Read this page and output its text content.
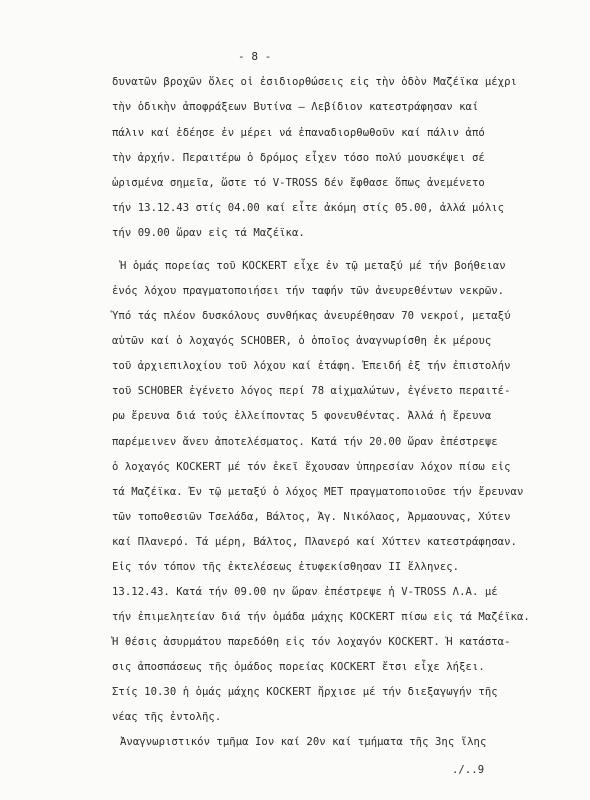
- 8 -
δυνατῶν βροχῶν ὅλες οἱ ἐσιδιορθώσεις εἰς τὴν ὁδὸν Μαζέϊκα μέχρι
τὴν ὁδικὴν ἀποφράξεων Βυτίνα – Λεβίδιον κατεστράφησαν καί
πάλιν καί ἐδέησε ἐν μέρει νά ἐπαναδιορθωθοῦν καί πάλιν ἀπό
τὴν ἀρχήν. Περαιτέρω ὁ δρόμος εἶχεν τόσο πολύ μουσκέψει σέ
ὡρισμένα σημεῖα, ὥστε τό V-TROSS δέν ἔφθασε ὅπως ἀνεμένετο
τήν 13.12.43 στίς 04.00 καί εἶτε ἀκόμη στίς 05.00, ἀλλά μόλις
τήν 09.00 ὥραν εἰς τά Μαζέϊκα.
Ἡ ὁμάς πορείας τοῦ KOCKERT εἶχε ἐν τῷ μεταξύ μέ τήν βοήθειαν
ἑνός λόχου πραγματοποιήσει τήν ταφήν τῶν ἀνευρεθέντων νεκρῶν.
Ὑπό τάς πλέον δυσκόλους συνθήκας ἀνευρέθησαν 70 νεκροί, μεταξύ
αὐτῶν καί ὁ λοχαγός SCHOBER, ὁ ὁποῖος ἀναγνωρίσθη ἐκ μέρους
τοῦ ἀρχιεπιλοχίου τοῦ λόχου καί ἐτάφη. Ἐπειδή ἐξ τήν ἐπιστολήν
τοῦ SCHOBER ἐγένετο λόγος περί 78 αἰχμαλώτων, ἐγένετο περαιτέ-
ρω ἔρευνα διά τούς ἐλλείποντας 5 φονευθέντας. Ἀλλά ἡ ἔρευνα
παρέμεινεν ἄνευ ἀποτελέσματος. Κατά τήν 20.00 ὥραν ἐπέστρεψε
ὁ λοχαγός KOCKERT μέ τόν ἐκεῖ ἔχουσαν ὑπηρεσίαν λόχον πίσω εἰς
τά Μαζέϊκα. Ἐν τῷ μεταξύ ὁ λόχος MET πραγματοποιοῦσε τήν ἔρευναν
τῶν τοποθεσιῶν Τσελάδα, Βάλτος, Ἁγ. Νικόλαος, Ἀρμαουνας, Χύτεν
καί Πλανερό. Τά μέρη, Βάλτος, Πλανερό καί Χύττεν κατεστράφησαν.
Εἰς τόν τόπον τῆς ἐκτελέσεως ἐτυφεκίσθησαν II ἕλληνες.
13.12.43. Κατά τήν 09.00 ην ὥραν ἐπέστρεψε ἡ V-TROSS Λ.Α. μέ
τήν ἐπιμελητείαν διά τήν ὁμάδα μάχης KOCKERT πίσω εἰς τά Μαζέϊκα.
Ἡ θέσις ἀσυρμάτου παρεδόθη εἰς τόν λοχαγόν KOCKERT. Ἡ κατάστα-
σις ἀποσπάσεως τῆς ὁμάδος πορείας KOCKERT ἔτσι εἶχε λήξει.
Στίς 10.30 ἡ ὁμάς μάχης KOCKERT ἤρχισε μέ τήν διεξαγωγήν τῆς
νέας τῆς ἐντολῆς.
Ἀναγνωριστικόν τμῆμα Ιον καί 20ν καί τμήματα τῆς 3ης ἴλης
./..9
